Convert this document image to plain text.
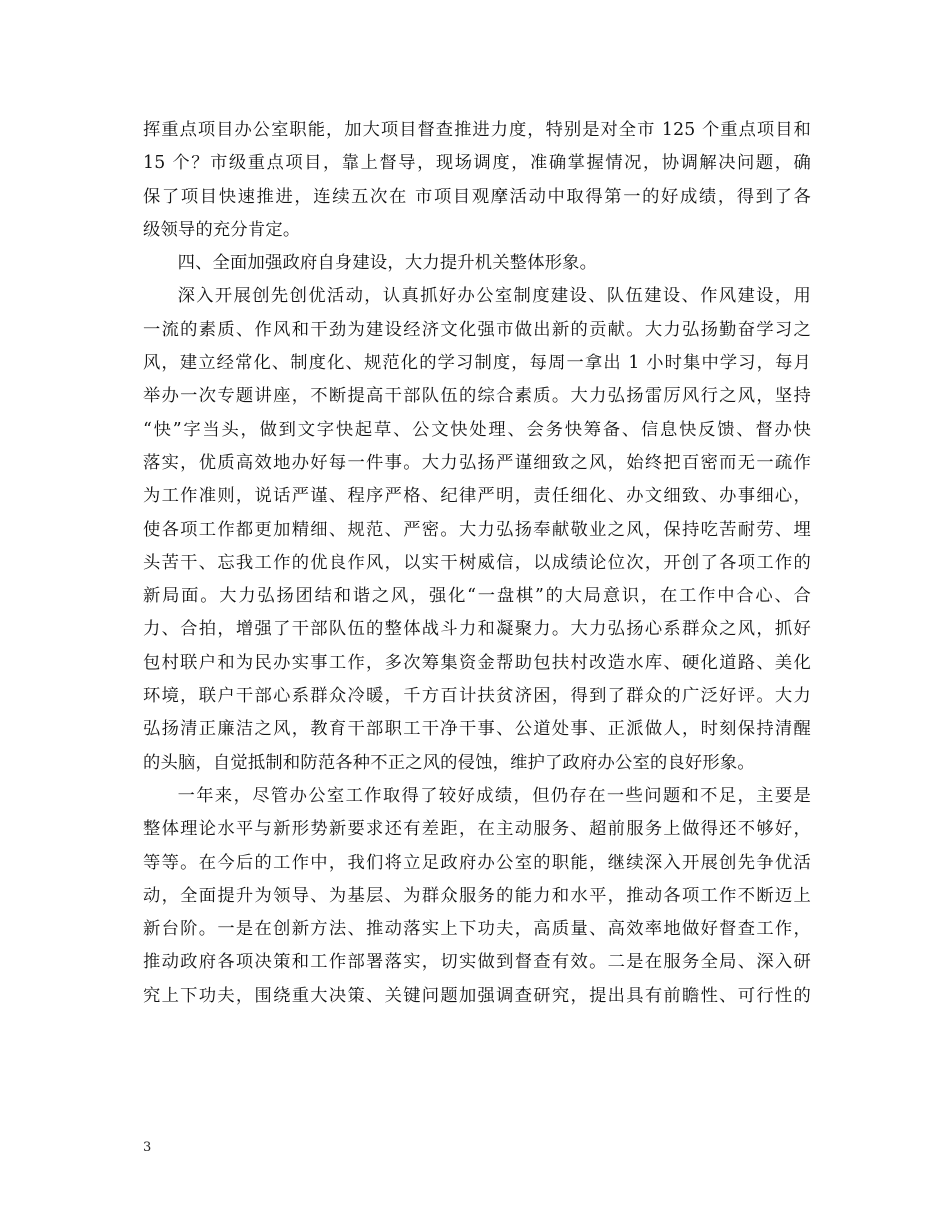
挥重点项目办公室职能，加大项目督查推进力度，特别是对全市 125 个重点项目和
15 个？市级重点项目，靠上督导，现场调度，准确掌握情况，协调解决问题，确
保了项目快速推进，连续五次在 市项目观摩活动中取得第一的好成绩，得到了各
级领导的充分肯定。

四、全面加强政府自身建设，大力提升机关整体形象。

深入开展创先创优活动，认真抓好办公室制度建设、队伍建设、作风建设，用
一流的素质、作风和干劲为建设经济文化强市做出新的贡献。大力弘扬勤奋学习之
风，建立经常化、制度化、规范化的学习制度，每周一拿出 1 小时集中学习，每月
举办一次专题讲座，不断提高干部队伍的综合素质。大力弘扬雷厉风行之风，坚持
“快”字当头，做到文字快起草、公文快处理、会务快筹备、信息快反馈、督办快
落实，优质高效地办好每一件事。大力弘扬严谨细致之风，始终把百密而无一疏作
为工作准则，说话严谨、程序严格、纪律严明，责任细化、办文细致、办事细心，
使各项工作都更加精细、规范、严密。大力弘扬奉献敬业之风，保持吃苦耐劳、埋
头苦干、忘我工作的优良作风，以实干树威信，以成绩论位次，开创了各项工作的
新局面。大力弘扬团结和谐之风，强化“一盘棋”的大局意识，在工作中合心、合
力、合拍，增强了干部队伍的整体战斗力和凝聚力。大力弘扬心系群众之风，抓好
包村联户和为民办实事工作，多次筹集资金帮助包扶村改造水库、硬化道路、美化
环境，联户干部心系群众冷暖，千方百计扶贫济困，得到了群众的广泛好评。大力
弘扬清正廉洁之风，教育干部职工干净干事、公道处事、正派做人，时刻保持清醒
的头脑，自觉抵制和防范各种不正之风的侵蚀，维护了政府办公室的良好形象。

一年来，尽管办公室工作取得了较好成绩，但仍存在一些问题和不足，主要是
整体理论水平与新形势新要求还有差距，在主动服务、超前服务上做得还不够好，
等等。在今后的工作中，我们将立足政府办公室的职能，继续深入开展创先争优活
动，全面提升为领导、为基层、为群众服务的能力和水平，推动各项工作不断迈上
新台阶。一是在创新方法、推动落实上下功夫，高质量、高效率地做好督查工作，
推动政府各项决策和工作部署落实，切实做到督查有效。二是在服务全局、深入研
究上下功夫，围绕重大决策、关键问题加强调查研究，提出具有前瞻性、可行性的

3
